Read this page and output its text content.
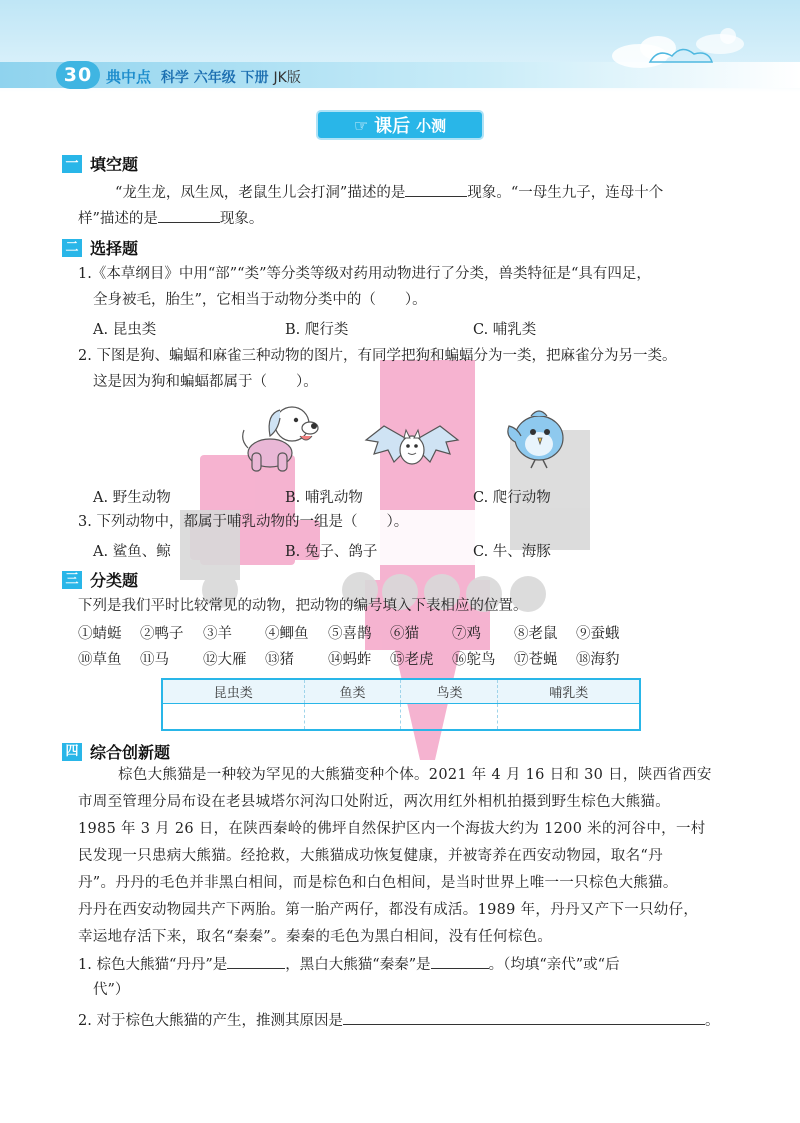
30 典中点 科学 六年级 下册 JK版
Since 1999
提分就用典中点
☞ 课后 小测
一 填空题
“龙生龙，凤生凤，老鼠生儿会打洞”描述的是	现象。“一母生九子，连母十个
样”描述的是	现象。
二 选择题
1.《本草纲目》中用“部”“类”等分类等级对药用动物进行了分类，兽类特征是“具有四足，
全身被毛，胎生”，它相当于动物分类中的（　　）。
A. 昆虫类	B. 爬行类	C. 哺乳类
2. 下图是狗、蝙蝠和麻雀三种动物的图片，有同学把狗和蝙蝠分为一类，把麻雀分为另一类。
这是因为狗和蝙蝠都属于（　　）。
A. 野生动物	B. 哺乳动物	C. 爬行动物
3. 下列动物中，都属于哺乳动物的一组是（　　）。
A. 鲨鱼、鲸	B. 兔子、鸽子	C. 牛、海豚
三 分类题
下列是我们平时比较常见的动物，把动物的编号填入下表相应的位置。
①蜻蜓 ②鸭子 ③羊 ④鲫鱼 ⑤喜鹊 ⑥猫 ⑦鸡 ⑧老鼠 ⑨蚕蛾
⑩草鱼 ⑪马 ⑫大雁 ⑬猪 ⑭蚂蚱 ⑮老虎 ⑯鸵鸟 ⑰苍蝇 ⑱海豹
昆虫类	鱼类	鸟类	哺乳类

四 综合创新题
棕色大熊猫是一种较为罕见的大熊猫变种个体。2021 年 4 月 16 日和 30 日，陕西省西安
市周至管理分局布设在老县城塔尔河沟口处附近，两次用红外相机拍摄到野生棕色大熊猫。
1985 年 3 月 26 日，在陕西秦岭的佛坪自然保护区内一个海拔大约为 1200 米的河谷中，一村
民发现一只患病大熊猫。经抢救，大熊猫成功恢复健康，并被寄养在西安动物园，取名“丹
丹”。丹丹的毛色并非黑白相间，而是棕色和白色相间，是当时世界上唯一一只棕色大熊猫。
丹丹在西安动物园共产下两胎。第一胎产两仔，都没有成活。1989 年，丹丹又产下一只幼仔，
幸运地存活下来，取名“秦秦”。秦秦的毛色为黑白相间，没有任何棕色。
1. 棕色大熊猫“丹丹”是	，黑白大熊猫“秦秦”是	。（均填“亲代”或“后
代”）
2. 对于棕色大熊猫的产生，推测其原因是	。
